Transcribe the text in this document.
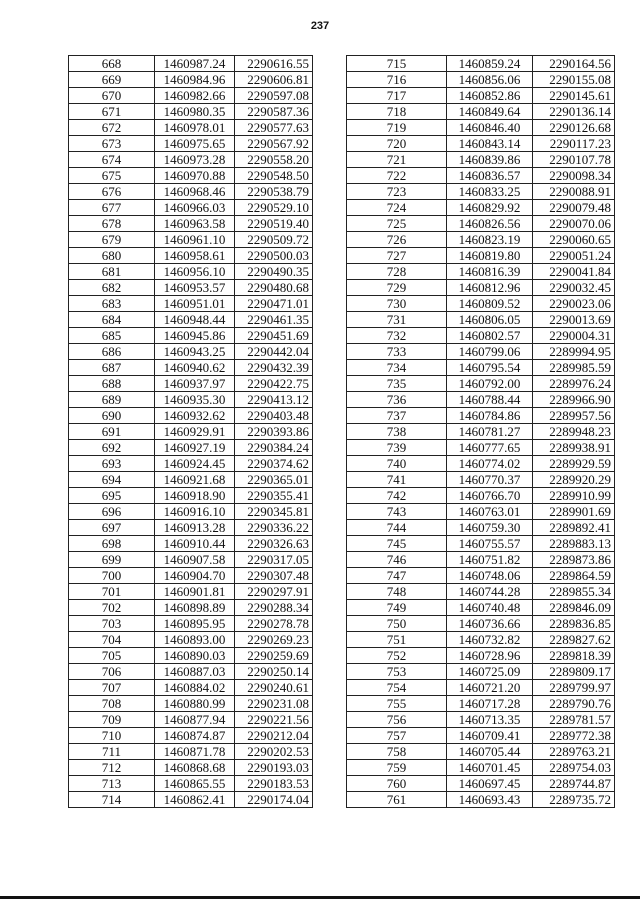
237
668	1460987.24	2290616.55
669	1460984.96	2290606.81
670	1460982.66	2290597.08
671	1460980.35	2290587.36
672	1460978.01	2290577.63
673	1460975.65	2290567.92
674	1460973.28	2290558.20
675	1460970.88	2290548.50
676	1460968.46	2290538.79
677	1460966.03	2290529.10
678	1460963.58	2290519.40
679	1460961.10	2290509.72
680	1460958.61	2290500.03
681	1460956.10	2290490.35
682	1460953.57	2290480.68
683	1460951.01	2290471.01
684	1460948.44	2290461.35
685	1460945.86	2290451.69
686	1460943.25	2290442.04
687	1460940.62	2290432.39
688	1460937.97	2290422.75
689	1460935.30	2290413.12
690	1460932.62	2290403.48
691	1460929.91	2290393.86
692	1460927.19	2290384.24
693	1460924.45	2290374.62
694	1460921.68	2290365.01
695	1460918.90	2290355.41
696	1460916.10	2290345.81
697	1460913.28	2290336.22
698	1460910.44	2290326.63
699	1460907.58	2290317.05
700	1460904.70	2290307.48
701	1460901.81	2290297.91
702	1460898.89	2290288.34
703	1460895.95	2290278.78
704	1460893.00	2290269.23
705	1460890.03	2290259.69
706	1460887.03	2290250.14
707	1460884.02	2290240.61
708	1460880.99	2290231.08
709	1460877.94	2290221.56
710	1460874.87	2290212.04
711	1460871.78	2290202.53
712	1460868.68	2290193.03
713	1460865.55	2290183.53
714	1460862.41	2290174.04
715	1460859.24	2290164.56
716	1460856.06	2290155.08
717	1460852.86	2290145.61
718	1460849.64	2290136.14
719	1460846.40	2290126.68
720	1460843.14	2290117.23
721	1460839.86	2290107.78
722	1460836.57	2290098.34
723	1460833.25	2290088.91
724	1460829.92	2290079.48
725	1460826.56	2290070.06
726	1460823.19	2290060.65
727	1460819.80	2290051.24
728	1460816.39	2290041.84
729	1460812.96	2290032.45
730	1460809.52	2290023.06
731	1460806.05	2290013.69
732	1460802.57	2290004.31
733	1460799.06	2289994.95
734	1460795.54	2289985.59
735	1460792.00	2289976.24
736	1460788.44	2289966.90
737	1460784.86	2289957.56
738	1460781.27	2289948.23
739	1460777.65	2289938.91
740	1460774.02	2289929.59
741	1460770.37	2289920.29
742	1460766.70	2289910.99
743	1460763.01	2289901.69
744	1460759.30	2289892.41
745	1460755.57	2289883.13
746	1460751.82	2289873.86
747	1460748.06	2289864.59
748	1460744.28	2289855.34
749	1460740.48	2289846.09
750	1460736.66	2289836.85
751	1460732.82	2289827.62
752	1460728.96	2289818.39
753	1460725.09	2289809.17
754	1460721.20	2289799.97
755	1460717.28	2289790.76
756	1460713.35	2289781.57
757	1460709.41	2289772.38
758	1460705.44	2289763.21
759	1460701.45	2289754.03
760	1460697.45	2289744.87
761	1460693.43	2289735.72
